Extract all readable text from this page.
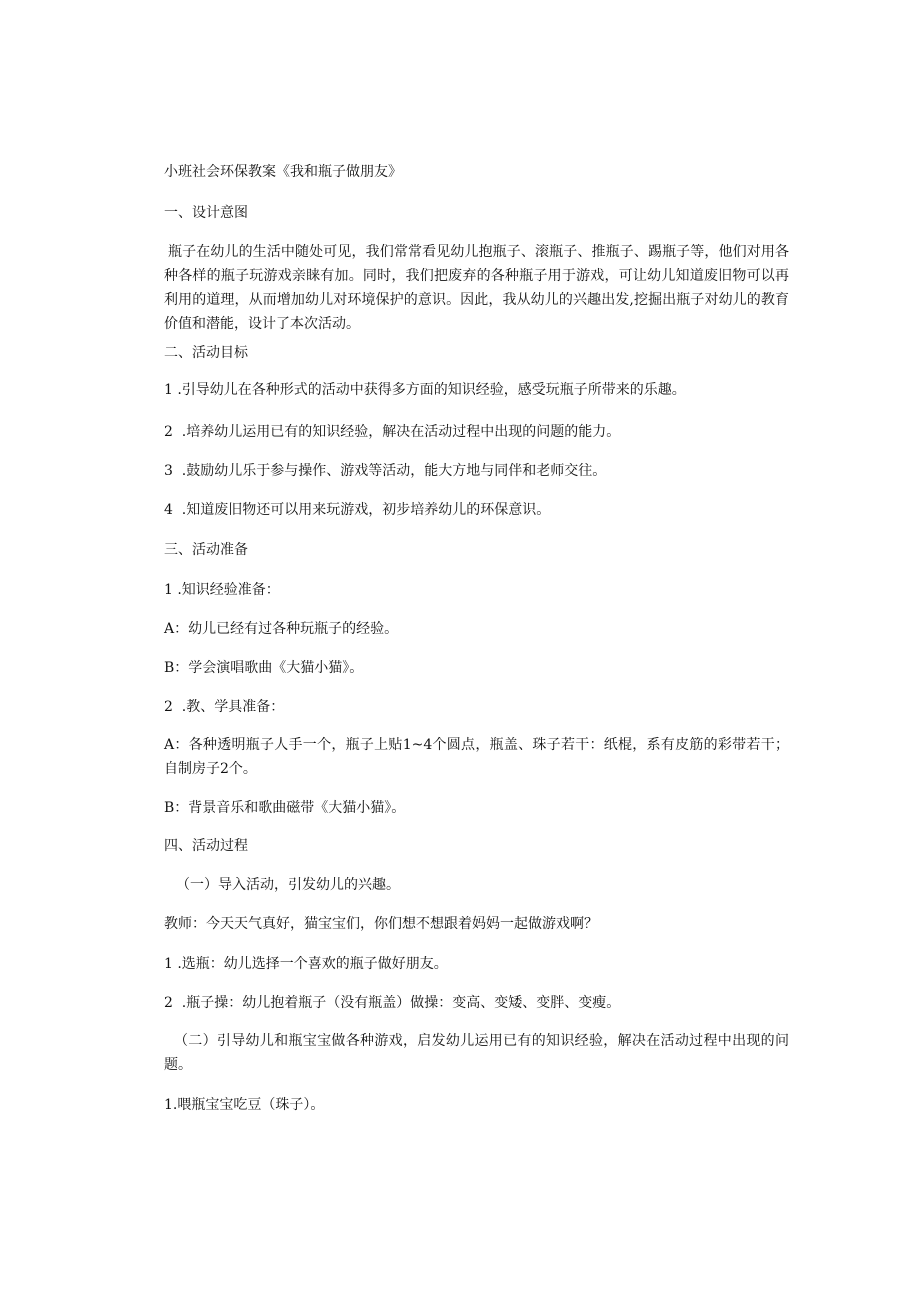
小班社会环保教案《我和瓶子做朋友》
一、设计意图
瓶子在幼儿的生活中随处可见，我们常常看见幼儿抱瓶子、滚瓶子、推瓶子、踢瓶子等，他们对用各种各样的瓶子玩游戏亲睐有加。同时，我们把废弃的各种瓶子用于游戏，可让幼儿知道废旧物可以再利用的道理，从而增加幼儿对环境保护的意识。因此，我从幼儿的兴趣出发,挖掘出瓶子对幼儿的教育价值和潜能，设计了本次活动。
二、活动目标
1 .引导幼儿在各种形式的活动中获得多方面的知识经验，感受玩瓶子所带来的乐趣。
2  .培养幼儿运用已有的知识经验，解决在活动过程中出现的问题的能力。
3  .鼓励幼儿乐于参与操作、游戏等活动，能大方地与同伴和老师交往。
4  .知道废旧物还可以用来玩游戏，初步培养幼儿的环保意识。
三、活动准备
1 .知识经验准备：
A：幼儿已经有过各种玩瓶子的经验。
B：学会演唱歌曲《大猫小猫》。
2  .教、学具准备：
A：各种透明瓶子人手一个，瓶子上贴1~4个圆点，瓶盖、珠子若干：纸棍，系有皮筋的彩带若干；自制房子2个。
B：背景音乐和歌曲磁带《大猫小猫》。
四、活动过程
（一）导入活动，引发幼儿的兴趣。
教师：今天天气真好，猫宝宝们，你们想不想跟着妈妈一起做游戏啊？
1 .选瓶：幼儿选择一个喜欢的瓶子做好朋友。
2  .瓶子操：幼儿抱着瓶子（没有瓶盖）做操：变高、变矮、变胖、变瘦。
（二）引导幼儿和瓶宝宝做各种游戏，启发幼儿运用已有的知识经验，解决在活动过程中出现的问题。
1.喂瓶宝宝吃豆（珠子）。
